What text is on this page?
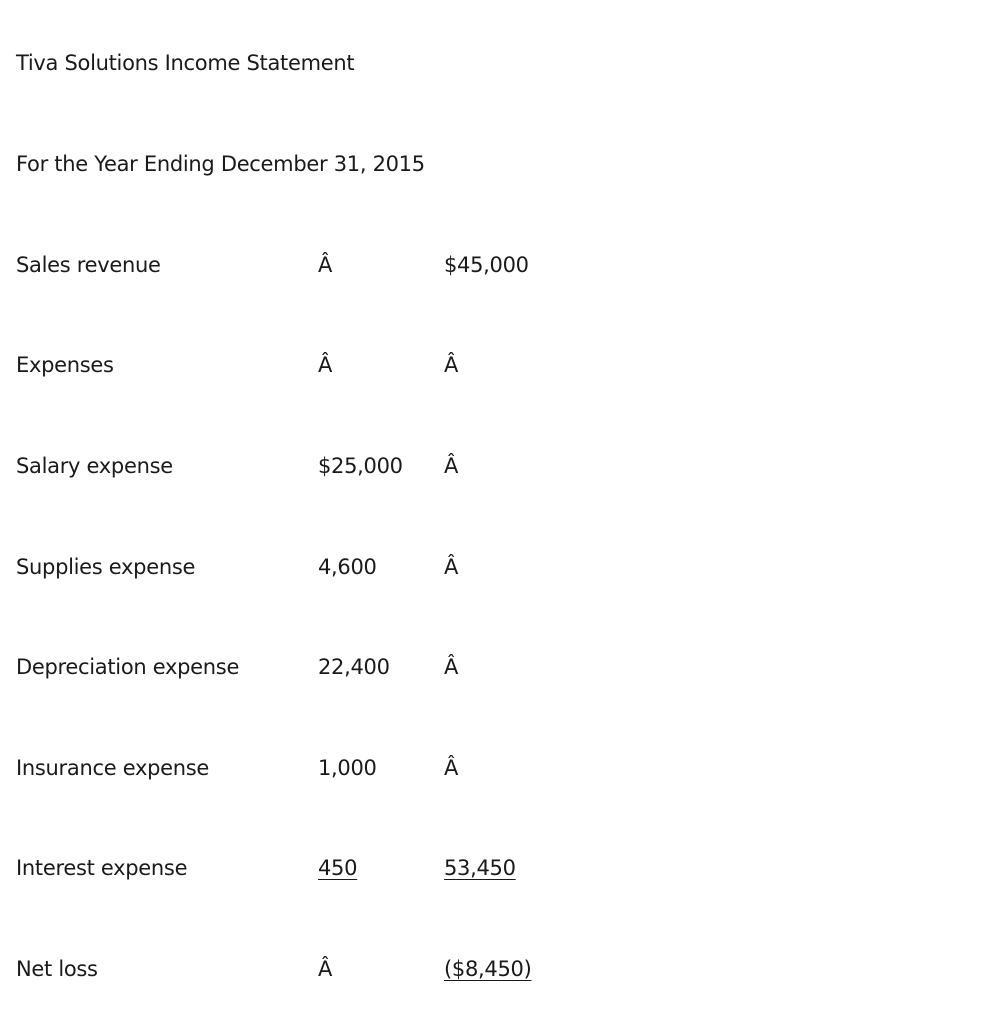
Tiva Solutions Income Statement
For the Year Ending December 31, 2015
Sales revenue	Â	$45,000
Expenses	Â	Â
Salary expense	$25,000 Â
Supplies expense	4,600	Â
Depreciation expense	22,400	Â
Insurance expense	1,000	Â
Interest expense	450	53,450
Net loss	Â	($8,450)
